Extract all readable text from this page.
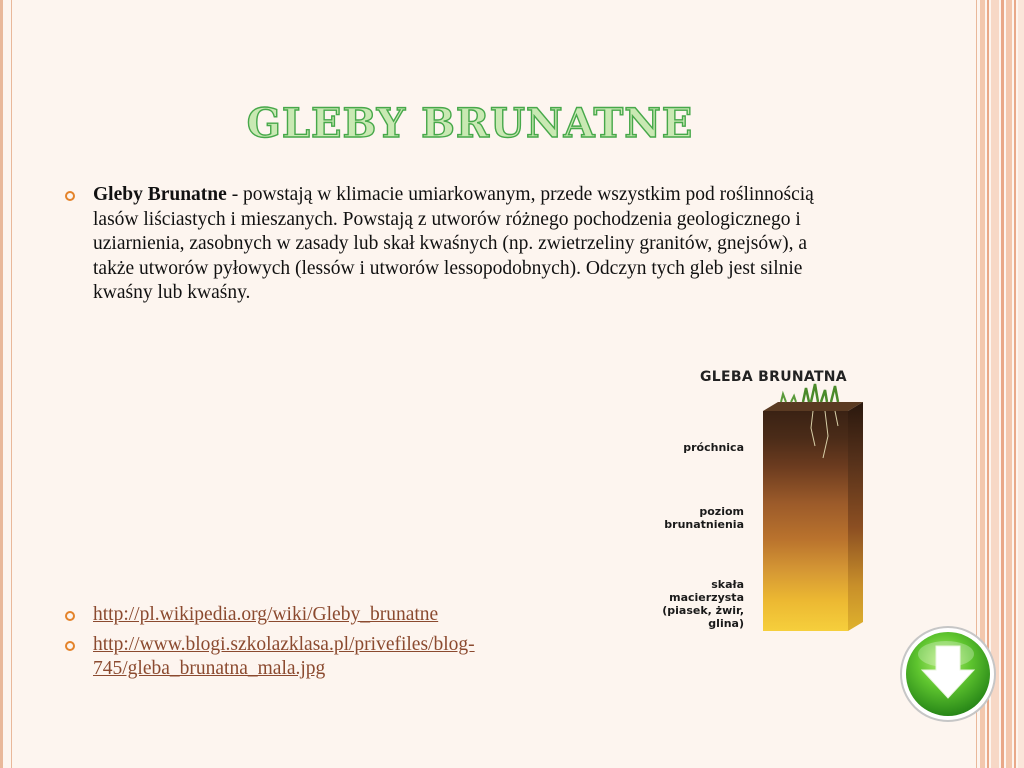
GLEBY BRUNATNE
Gleby Brunatne - powstają w klimacie umiarkowanym, przede wszystkim pod roślinnością lasów liściastych i mieszanych. Powstają z utworów różnego pochodzenia geologicznego i uziarnienia, zasobnych w zasady lub skał kwaśnych (np. zwietrzeliny granitów, gnejsów), a także utworów pyłowych (lessów i utworów lessopodobnych). Odczyn tych gleb jest silnie kwaśny lub kwaśny.
GLEBA BRUNATNA
próchnica
poziom
brunatnienia
skała
macierzysta
(piasek, żwir,
glina)
http://pl.wikipedia.org/wiki/Gleby_brunatne
http://www.blogi.szkolazklasa.pl/privefiles/blog-745/gleba_brunatna_mala.jpg
